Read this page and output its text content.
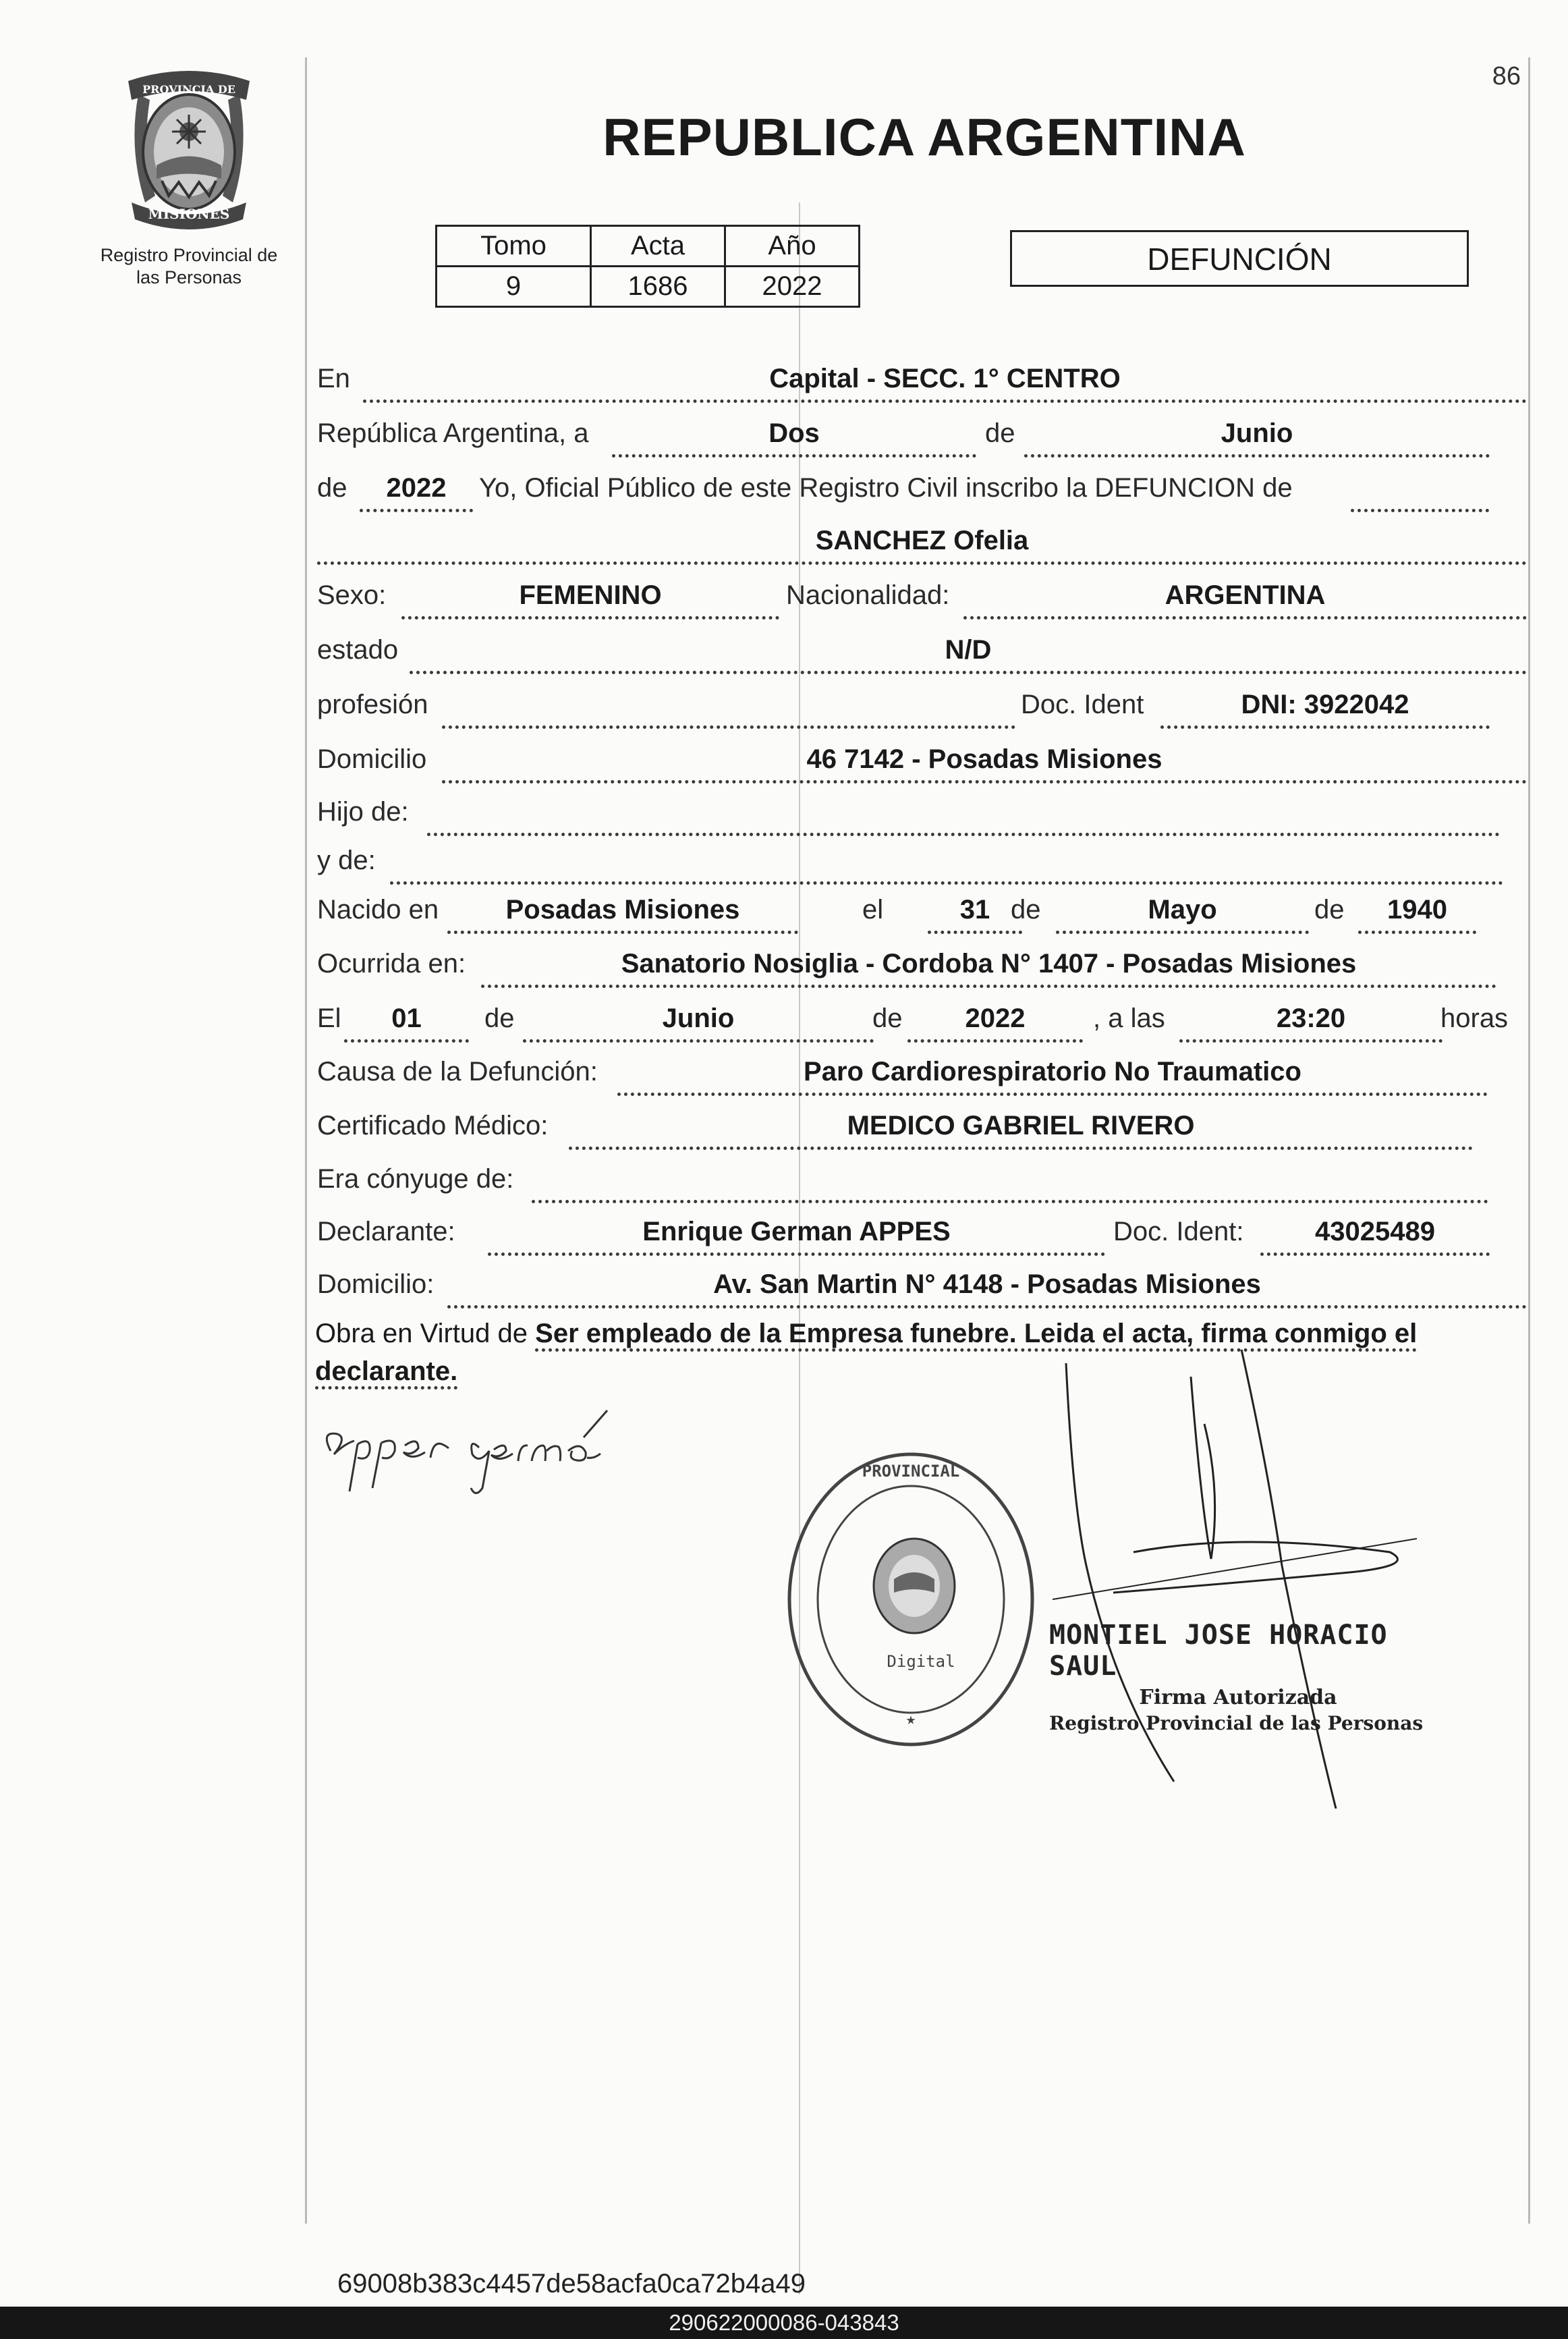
PROVINCIA DE
MISIONES
Registro Provincial de
las Personas
86
REPUBLICA ARGENTINA
Tomo	Acta	Año
9	1686	2022
DEFUNCIÓN
En	Capital - SECC. 1° CENTRO
República Argentina, a	Dos	de	Junio
de	2022	Yo, Oficial Público de este Registro Civil inscribo la DEFUNCION de
SANCHEZ Ofelia
Sexo:	FEMENINO	Nacionalidad:	ARGENTINA
estado	N/D
profesión	Doc. Ident	DNI: 3922042
Domicilio	46 7142 - Posadas Misiones
Hijo de:
y de:
Nacido en	Posadas Misiones	el	31 de	Mayo	de	1940
Ocurrida en:	Sanatorio Nosiglia - Cordoba N° 1407 - Posadas Misiones
El	01	de	Junio	de	2022	, a las	23:20	horas
Causa de la Defunción:	Paro Cardiorespiratorio No Traumatico
Certificado Médico:	MEDICO GABRIEL RIVERO
Era cónyuge de:
Declarante:	Enrique German APPES	Doc. Ident:	43025489
Domicilio:	Av. San Martin N° 4148 - Posadas Misiones
Obra en Virtud de Ser empleado de la Empresa funebre. Leida el acta, firma conmigo el declarante.
PROVINCIAL
★
Digital
MONTIEL JOSE HORACIO SAUL
Firma Autorizada
Registro Provincial de las Personas
69008b383c4457de58acfa0ca72b4a49
290622000086-043843
